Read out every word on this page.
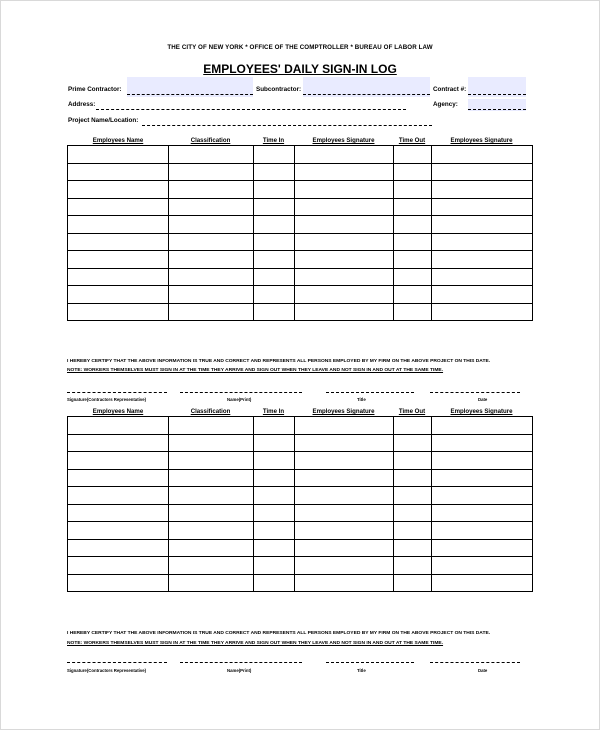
THE CITY OF NEW YORK * OFFICE OF THE COMPTROLLER * BUREAU OF LABOR LAW
EMPLOYEES' DAILY SIGN-IN LOG
Prime Contractor:	Subcontractor:	Contract #:
Address:	Agency:
Project Name/Location:
Employees Name	Classification	Time In	Employees Signature	Time Out	Employees Signature

I HEREBY CERTIFY THAT THE ABOVE INFORMATION IS TRUE AND CORRECT AND REPRESENTS ALL PERSONS EMPLOYED BY MY FIRM ON THE ABOVE PROJECT ON THIS DATE.
NOTE: WORKERS THEMSELVES MUST SIGN IN AT THE TIME THEY ARRIVE AND SIGN OUT WHEN THEY LEAVE AND NOT SIGN IN AND OUT AT THE SAME TIME.
Signature(Contractors Representative)	Name(Print)	Title	Date
Employees Name	Classification	Time In	Employees Signature	Time Out	Employees Signature

I HEREBY CERTIFY THAT THE ABOVE INFORMATION IS TRUE AND CORRECT AND REPRESENTS ALL PERSONS EMPLOYED BY MY FIRM ON THE ABOVE PROJECT ON THIS DATE.
NOTE: WORKERS THEMSELVES MUST SIGN IN AT THE TIME THEY ARRIVE AND SIGN OUT WHEN THEY LEAVE AND NOT SIGN IN AND OUT AT THE SAME TIME.
Signature(Contractors Representative)	Name(Print)	Title	Date
